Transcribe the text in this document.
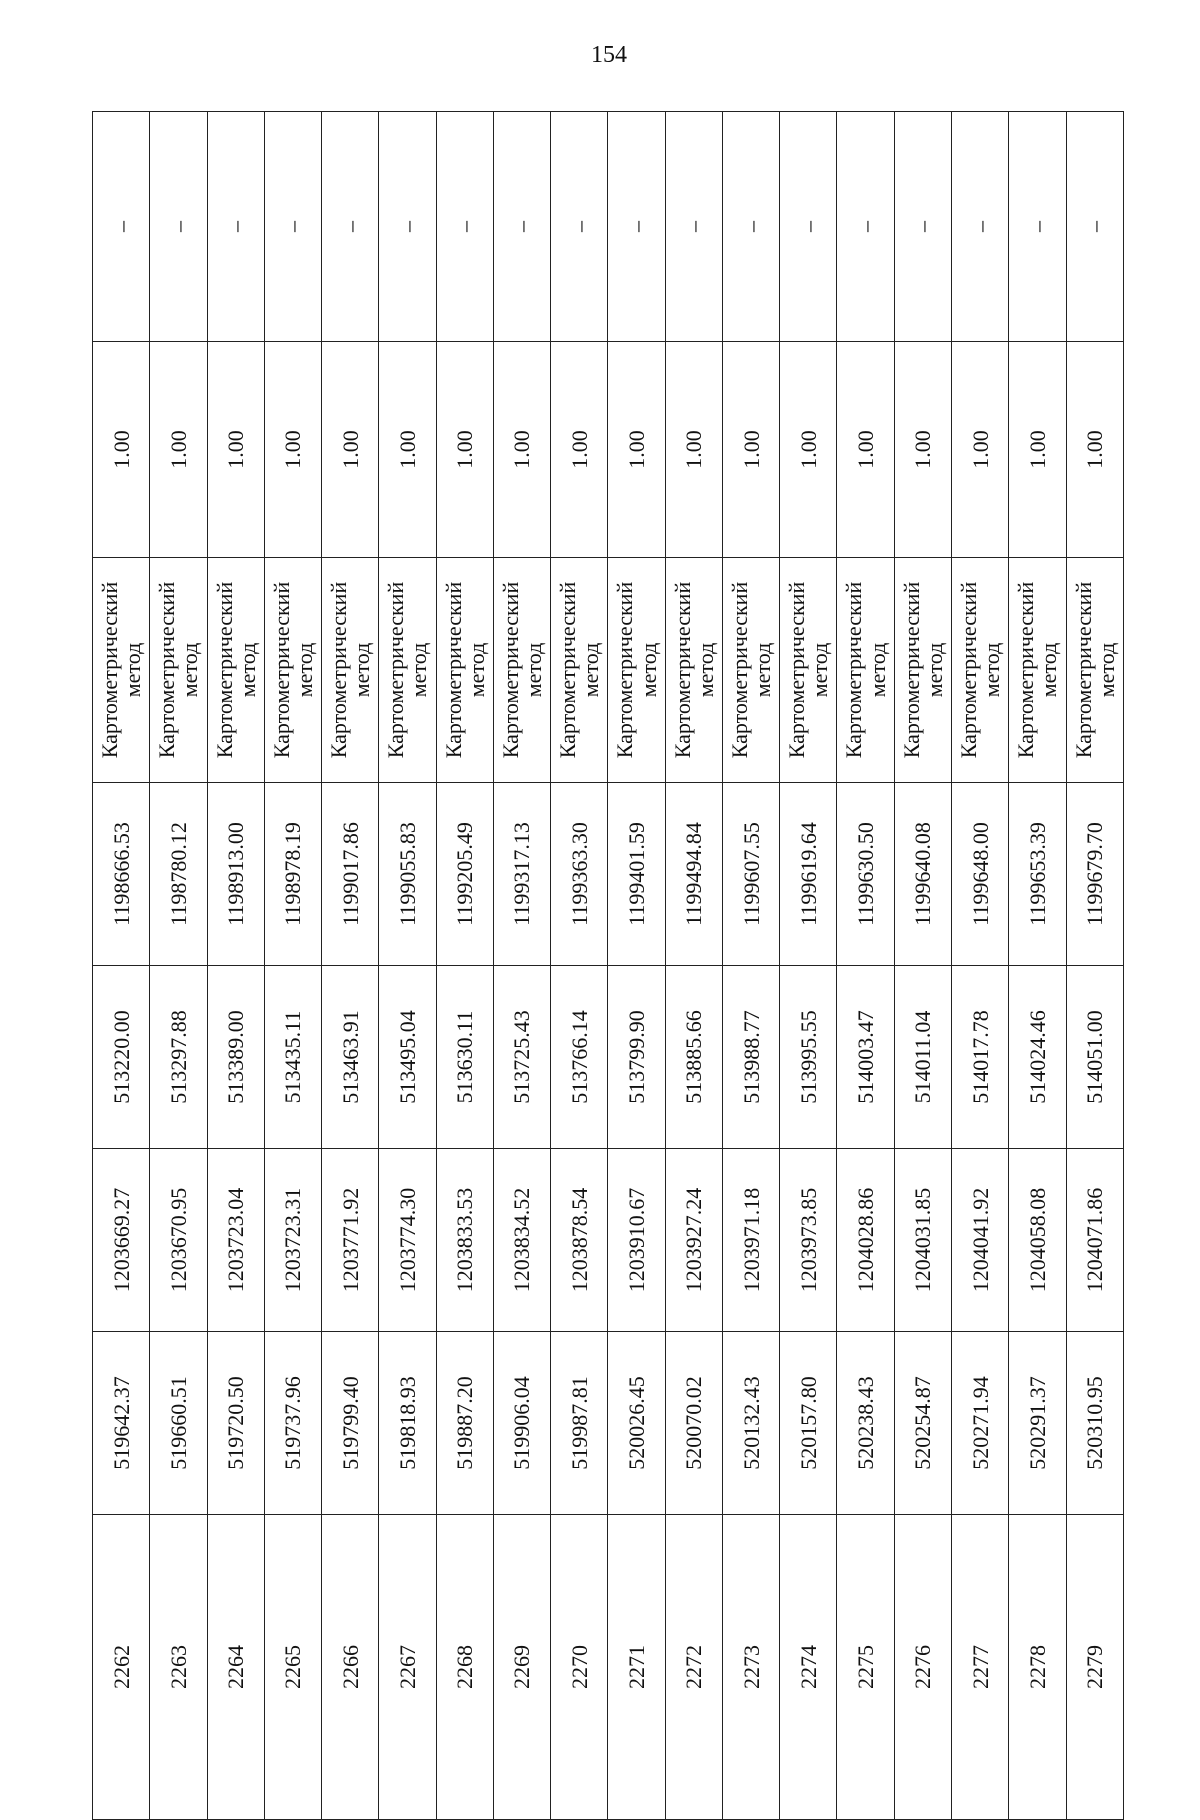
154
2262	519642.37	1203669.27	513220.00	1198666.53	Картометрический
метод	1.00	–
2263	519660.51	1203670.95	513297.88	1198780.12	Картометрический
метод	1.00	–
2264	519720.50	1203723.04	513389.00	1198913.00	Картометрический
метод	1.00	–
2265	519737.96	1203723.31	513435.11	1198978.19	Картометрический
метод	1.00	–
2266	519799.40	1203771.92	513463.91	1199017.86	Картометрический
метод	1.00	–
2267	519818.93	1203774.30	513495.04	1199055.83	Картометрический
метод	1.00	–
2268	519887.20	1203833.53	513630.11	1199205.49	Картометрический
метод	1.00	–
2269	519906.04	1203834.52	513725.43	1199317.13	Картометрический
метод	1.00	–
2270	519987.81	1203878.54	513766.14	1199363.30	Картометрический
метод	1.00	–
2271	520026.45	1203910.67	513799.90	1199401.59	Картометрический
метод	1.00	–
2272	520070.02	1203927.24	513885.66	1199494.84	Картометрический
метод	1.00	–
2273	520132.43	1203971.18	513988.77	1199607.55	Картометрический
метод	1.00	–
2274	520157.80	1203973.85	513995.55	1199619.64	Картометрический
метод	1.00	–
2275	520238.43	1204028.86	514003.47	1199630.50	Картометрический
метод	1.00	–
2276	520254.87	1204031.85	514011.04	1199640.08	Картометрический
метод	1.00	–
2277	520271.94	1204041.92	514017.78	1199648.00	Картометрический
метод	1.00	–
2278	520291.37	1204058.08	514024.46	1199653.39	Картометрический
метод	1.00	–
2279	520310.95	1204071.86	514051.00	1199679.70	Картометрический
метод	1.00	–
